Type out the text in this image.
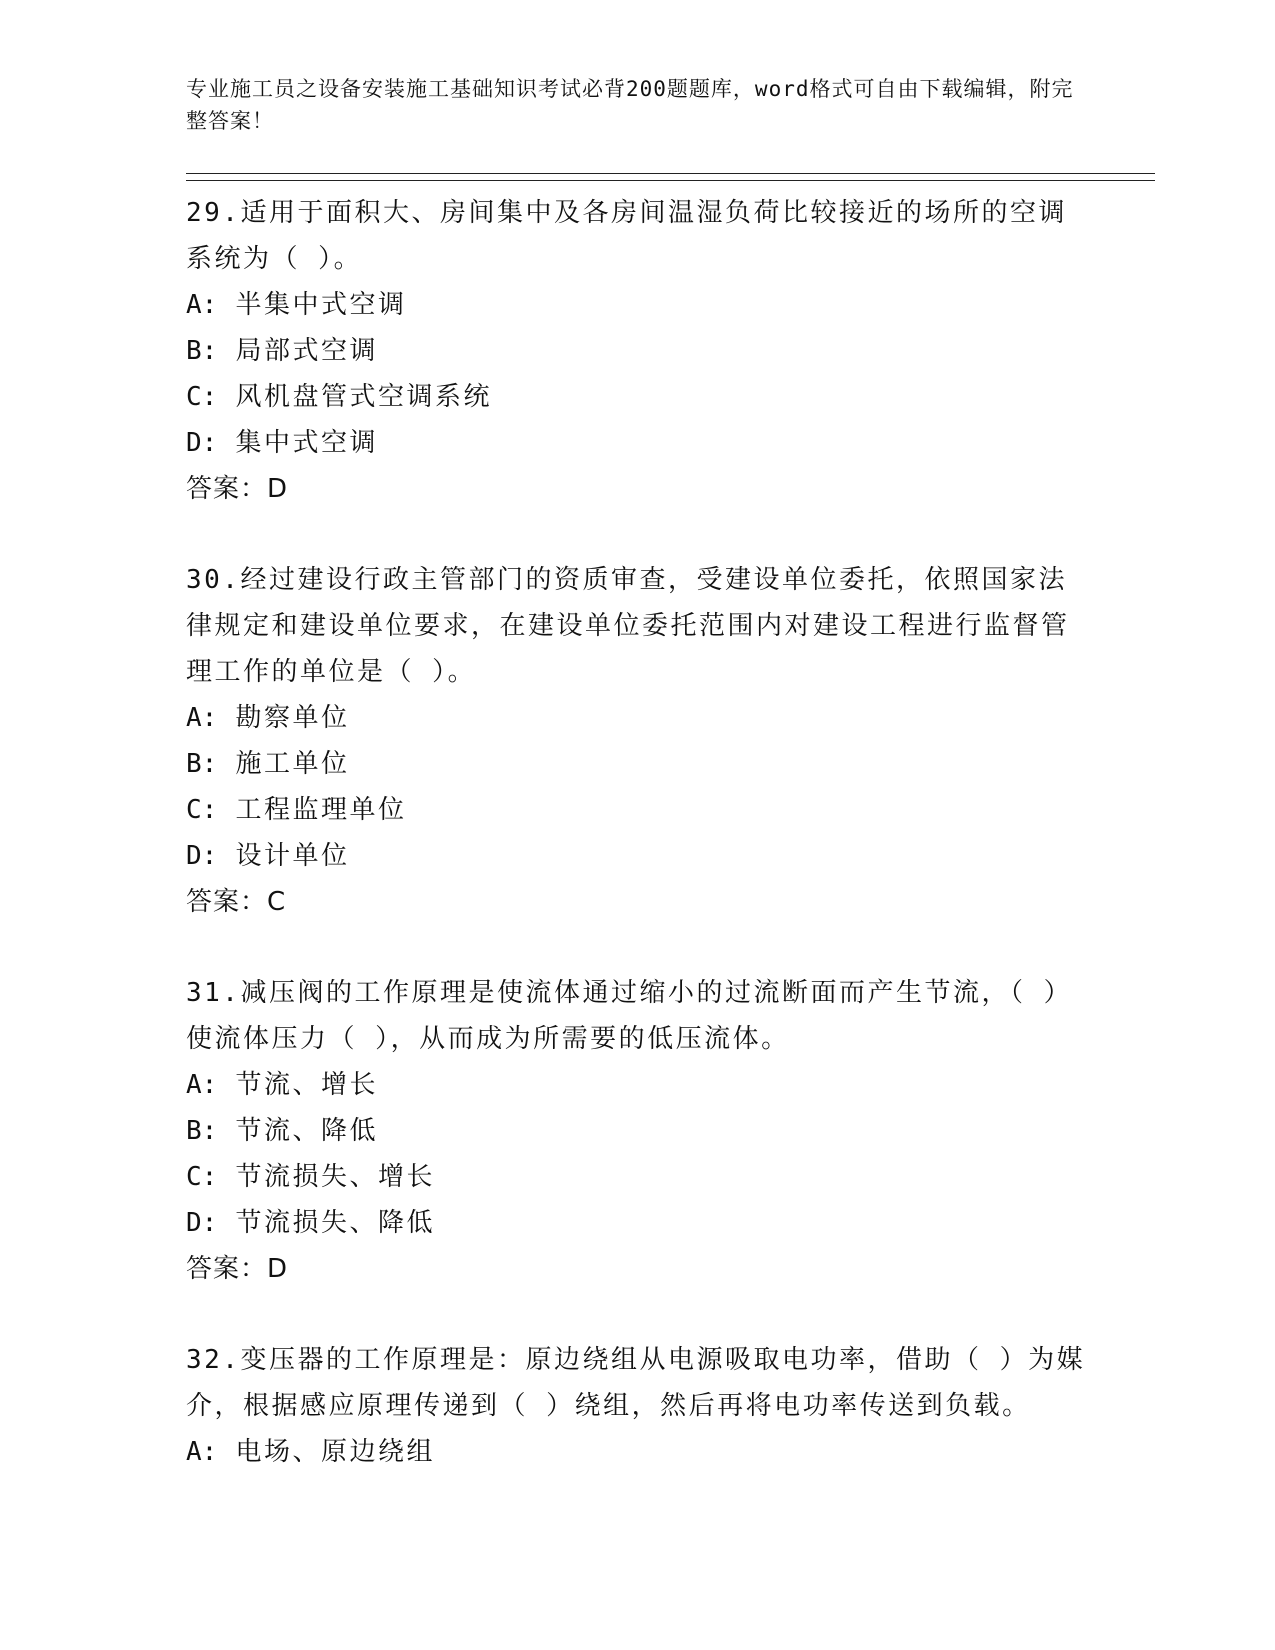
专业施工员之设备安装施工基础知识考试必背200题题库，word格式可自由下载编辑，附完整答案！
29.适用于面积大、房间集中及各房间温湿负荷比较接近的场所的空调系统为（ ）。
A: 半集中式空调
B: 局部式空调
C: 风机盘管式空调系统
D: 集中式空调
答案：D
30.经过建设行政主管部门的资质审查，受建设单位委托，依照国家法律规定和建设单位要求，在建设单位委托范围内对建设工程进行监督管理工作的单位是（ ）。
A: 勘察单位
B: 施工单位
C: 工程监理单位
D: 设计单位
答案：C
31.减压阀的工作原理是使流体通过缩小的过流断面而产生节流，（ ）使流体压力（ ），从而成为所需要的低压流体。
A: 节流、增长
B: 节流、降低
C: 节流损失、增长
D: 节流损失、降低
答案：D
32.变压器的工作原理是：原边绕组从电源吸取电功率，借助（ ）为媒介，根据感应原理传递到（ ）绕组，然后再将电功率传送到负载。
A: 电场、原边绕组
